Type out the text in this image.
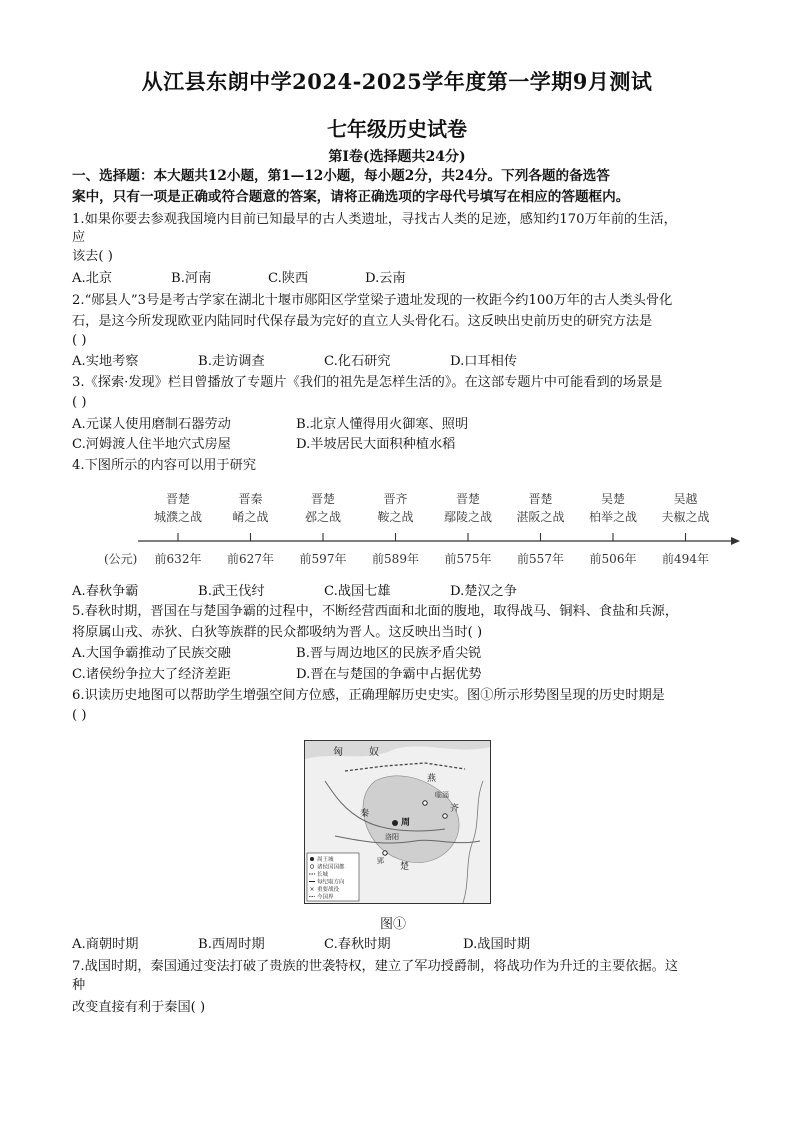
从江县东朗中学2024-2025学年度第一学期9月测试
七年级历史试卷
第Ⅰ卷(选择题共24分)
一、选择题：本大题共12小题，第1—12小题，每小题2分，共24分。下列各题的备选答
案中，只有一项是正确或符合题意的答案，请将正确选项的字母代号填写在相应的答题框内。
1.如果你要去参观我国境内目前已知最早的古人类遗址，寻找古人类的足迹，感知约170万年前的生活，
应
该去( )
A.北京	B.河南	C.陕西	D.云南
2.“郧县人”3号是考古学家在湖北十堰市郧阳区学堂梁子遗址发现的一枚距今约100万年的古人类头骨化
石，是这今所发现欧亚内陆同时代保存最为完好的直立人头骨化石。这反映出史前历史的研究方法是
( )
A.实地考察	B.走访调查	C.化石研究	D.口耳相传
3.《探索·发现》栏目曾播放了专题片《我们的祖先是怎样生活的》。在这部专题片中可能看到的场景是
( )
A.元谋人使用磨制石器劳动	B.北京人懂得用火御寒、照明
C.河姆渡人住半地穴式房屋	D.半坡居民大面积种植水稻
4.下图所示的内容可以用于研究
晋楚
城濮之战
前632年
晋秦
崤之战
前627年
晋楚
邲之战
前597年
晋齐
鞍之战
前589年
晋楚
鄢陵之战
前575年
晋楚
湛阪之战
前557年
吴楚
柏举之战
前506年
吴越
夫椒之战
前494年
(公元)
A.春秋争霸	B.武王伐纣	C.战国七雄	D.楚汉之争
5.春秋时期，晋国在与楚国争霸的过程中，不断经营西面和北面的腹地，取得战马、铜料、食盐和兵源，
将原属山戎、赤狄、白狄等族群的民众都吸纳为晋人。这反映出当时( )
A.大国争霸推动了民族交融	B.晋与周边地区的民族矛盾尖锐
C.诸侯纷争拉大了经济差距	D.晋在与楚国的争霸中占据优势
6.识读历史地图可以帮助学生增强空间方位感，正确理解历史史实。图①所示形势图呈现的历史时期是
( )
匈	奴
秦
楚
齐
燕
周
洛阳
临淄
郢
周王城
诸侯国国都
长城
每纪取方向
× 重要战役
今国界
图①
A.商朝时期	B.西周时期	C.春秋时期	D.战国时期
7.战国时期，秦国通过变法打破了贵族的世袭特权，建立了军功授爵制，将战功作为升迁的主要依据。这
种
改变直接有利于秦国( )
